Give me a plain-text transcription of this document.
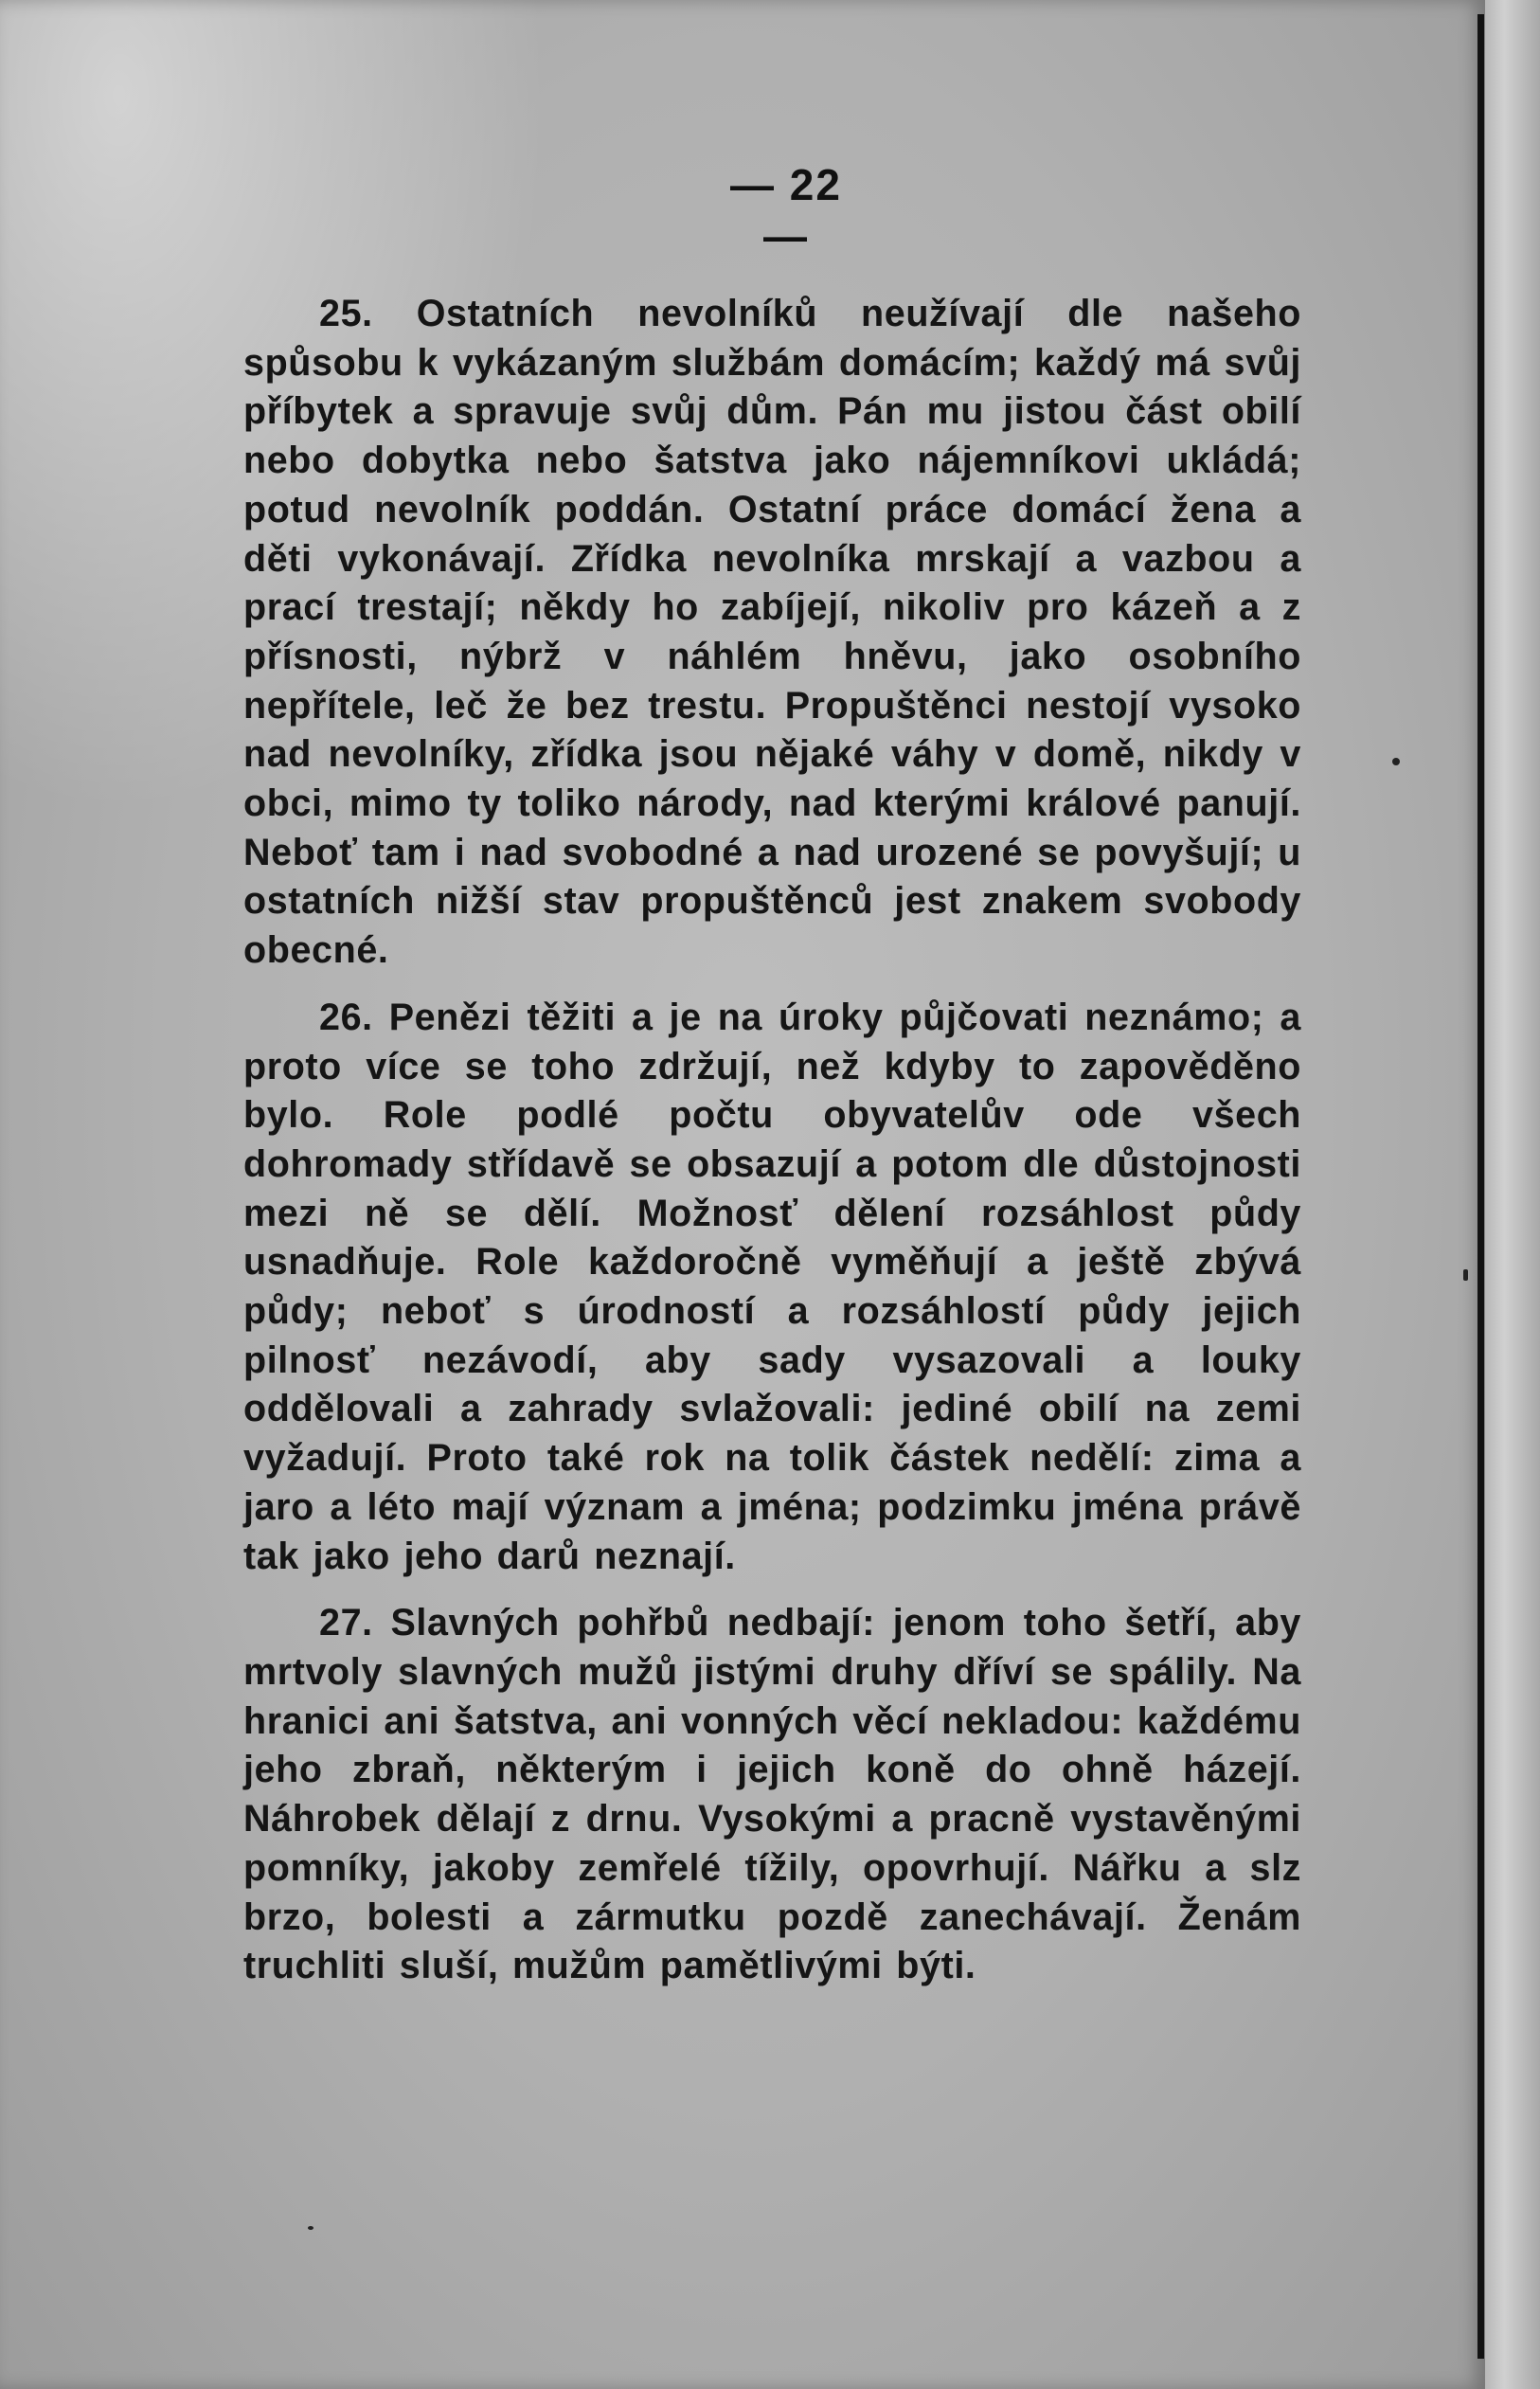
— 22 —

25. Ostatních nevolníků neužívají dle našeho spůsobu k vykázaným službám domácím; každý má svůj příbytek a spravuje svůj dům. Pán mu jistou část obilí nebo dobytka nebo šatstva jako nájemníkovi ukládá; potud nevolník poddán. Ostatní práce domácí žena a děti vykonávají. Zřídka nevolníka mrskají a vazbou a prací trestají; někdy ho zabíjejí, nikoliv pro kázeň a z přísnosti, nýbrž v náhlém hněvu, jako osobního nepřítele, leč že bez trestu. Propuštěnci nestojí vysoko nad nevolníky, zřídka jsou nějaké váhy v domě, nikdy v obci, mimo ty toliko národy, nad kterými králové panují. Neboť tam i nad svobodné a nad urozené se povyšují; u ostatních nižší stav propuštěnců jest znakem svobody obecné.

26. Penězi těžiti a je na úroky půjčovati neznámo; a proto více se toho zdržují, než kdyby to zapověděno bylo. Role podlé počtu obyvatelův ode všech dohromady střídavě se obsazují a potom dle důstojnosti mezi ně se dělí. Možnosť dělení rozsáhlost půdy usnadňuje. Role každoročně vyměňují a ještě zbývá půdy; neboť s úrodností a rozsáhlostí půdy jejich pilnosť nezávodí, aby sady vysazovali a louky oddělovali a zahrady svlažovali: jediné obilí na zemi vyžadují. Proto také rok na tolik částek nedělí: zima a jaro a léto mají význam a jména; podzimku jména právě tak jako jeho darů neznají.

27. Slavných pohřbů nedbají: jenom toho šetří, aby mrtvoly slavných mužů jistými druhy dříví se spálily. Na hranici ani šatstva, ani vonných věcí nekladou: každému jeho zbraň, některým i jejich koně do ohně házejí. Náhrobek dělají z drnu. Vysokými a pracně vystavěnými pomníky, jakoby zemřelé tížily, opovrhují. Nářku a slz brzo, bolesti a zármutku pozdě zanechávají. Ženám truchliti sluší, mužům pamětlivými býti.
